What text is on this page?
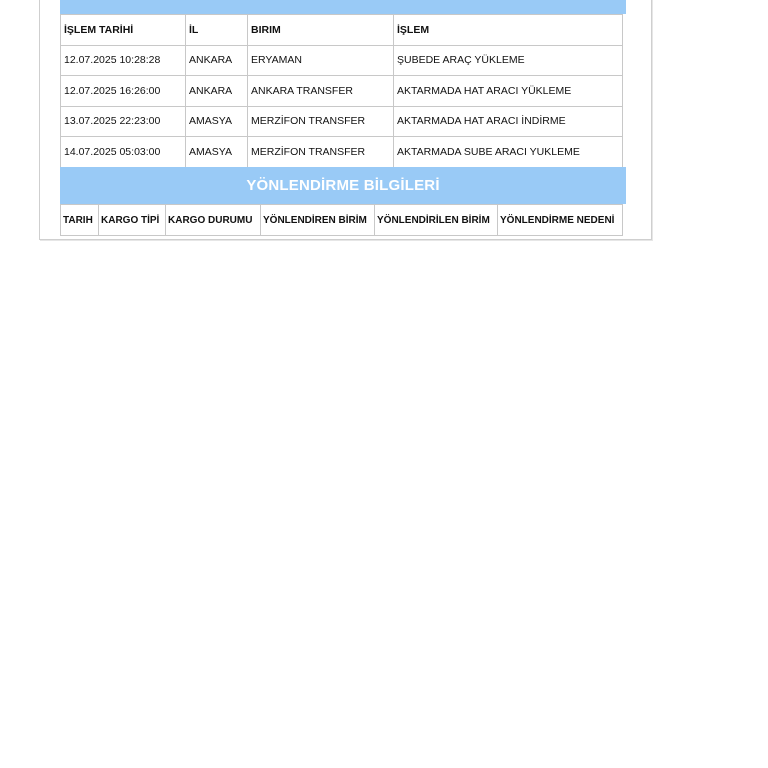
İŞLEM TARİHİ	İL	BIRIM	İŞLEM
12.07.2025 10:28:28	ANKARA	ERYAMAN	ŞUBEDE ARAÇ YÜKLEME
12.07.2025 16:26:00	ANKARA	ANKARA TRANSFER	AKTARMADA HAT ARACI YÜKLEME
13.07.2025 22:23:00	AMASYA	MERZİFON TRANSFER	AKTARMADA HAT ARACI İNDİRME
14.07.2025 05:03:00	AMASYA	MERZİFON TRANSFER	AKTARMADA SUBE ARACI YUKLEME
YÖNLENDİRME BİLGİLERİ
TARIH	KARGO TİPİ	KARGO DURUMU	YÖNLENDİREN BİRİM	YÖNLENDİRİLEN BİRİM	YÖNLENDİRME NEDENİ
